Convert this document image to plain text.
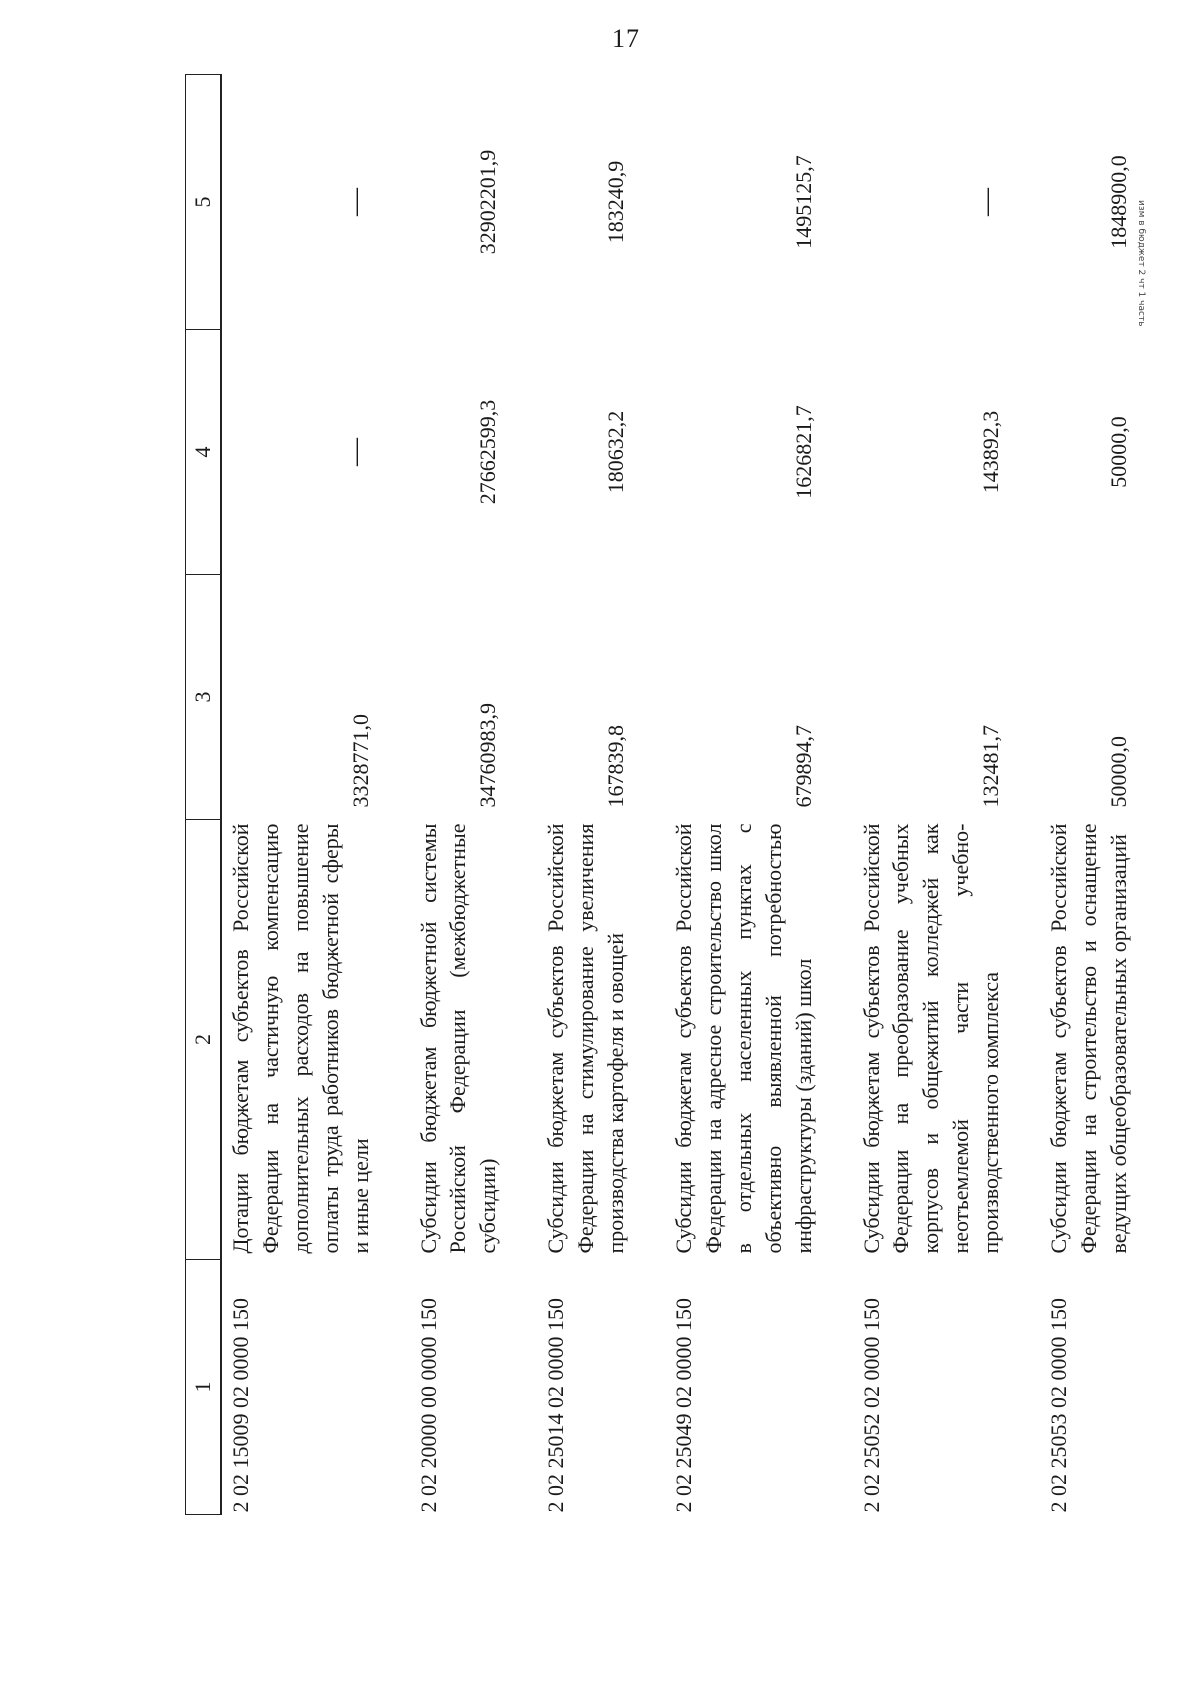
17
изм в бюджет 2 чт 1 часть
1	2	3	4	5
2 02 15009 02 0000 150	Дотации бюджетам субъектов Российской Федерации на частичную компенсацию дополнительных расходов на повышение оплаты труда работников бюджетной сферы и иные цели	3328771,0	—	—
2 02 20000 00 0000 150	Субсидии бюджетам бюджетной системы Российской Федерации (межбюджетные субсидии)	34760983,9	27662599,3	32902201,9
2 02 25014 02 0000 150	Субсидии бюджетам субъектов Российской Федерации на стимулирование увеличения производства картофеля и овощей	167839,8	180632,2	183240,9
2 02 25049 02 0000 150	Субсидии бюджетам субъектов Российской Федерации на адресное строительство школ в отдельных населенных пунктах с объективно выявленной потребностью инфраструктуры (зданий) школ	679894,7	1626821,7	1495125,7
2 02 25052 02 0000 150	Субсидии бюджетам субъектов Российской Федерации на преобразование учебных корпусов и общежитий колледжей как неотъемлемой части учебно-производственного комплекса	132481,7	143892,3	—
2 02 25053 02 0000 150	Субсидии бюджетам субъектов Российской Федерации на строительство и оснащение ведущих общеобразовательных организаций	50000,0	50000,0	1848900,0
